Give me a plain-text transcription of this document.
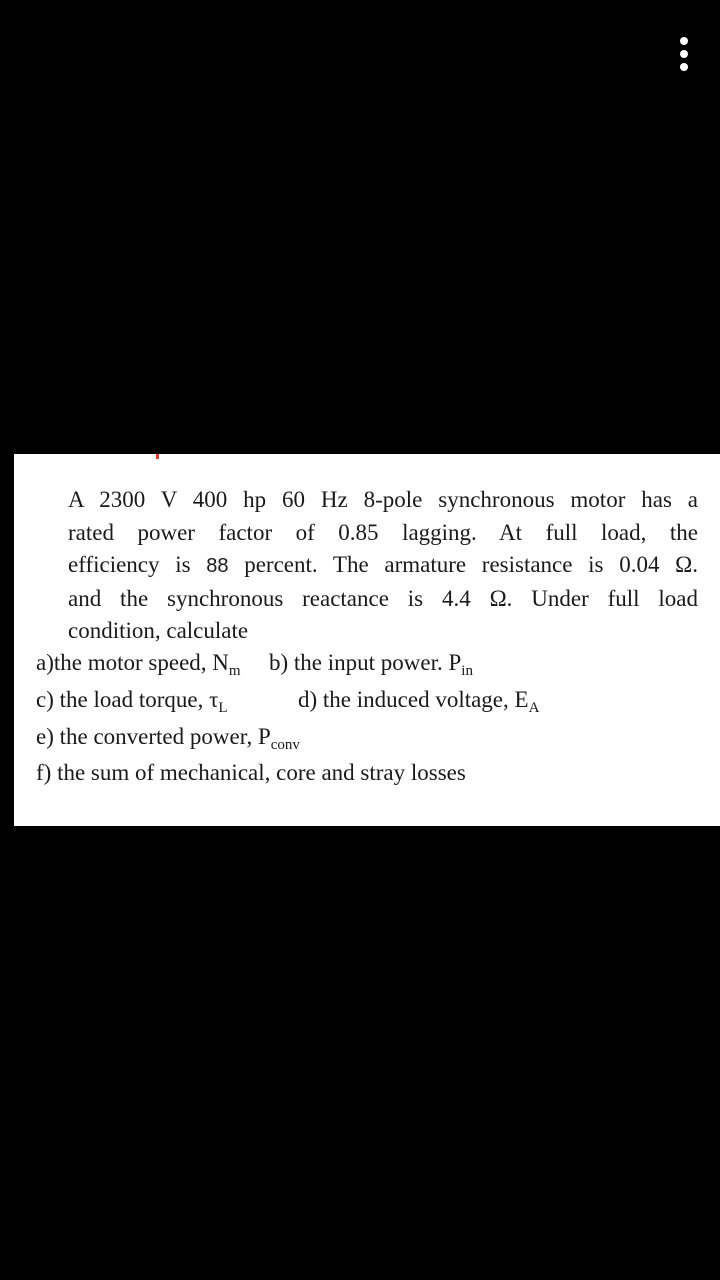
A 2300 V 400 hp 60 Hz 8-pole synchronous motor has a
rated power factor of 0.85 lagging. At full load, the
efficiency is 88 percent. The armature resistance is 0.04 Ω.
and the synchronous reactance is 4.4 Ω. Under full load
condition, calculate
a)the motor speed, $N_m$ b) the input power. $P_{in}$
c) the load torque, $\tau_L$	d) the induced voltage, $E_A$
e) the converted power, $P_{conv}$
f) the sum of mechanical, core and stray losses
